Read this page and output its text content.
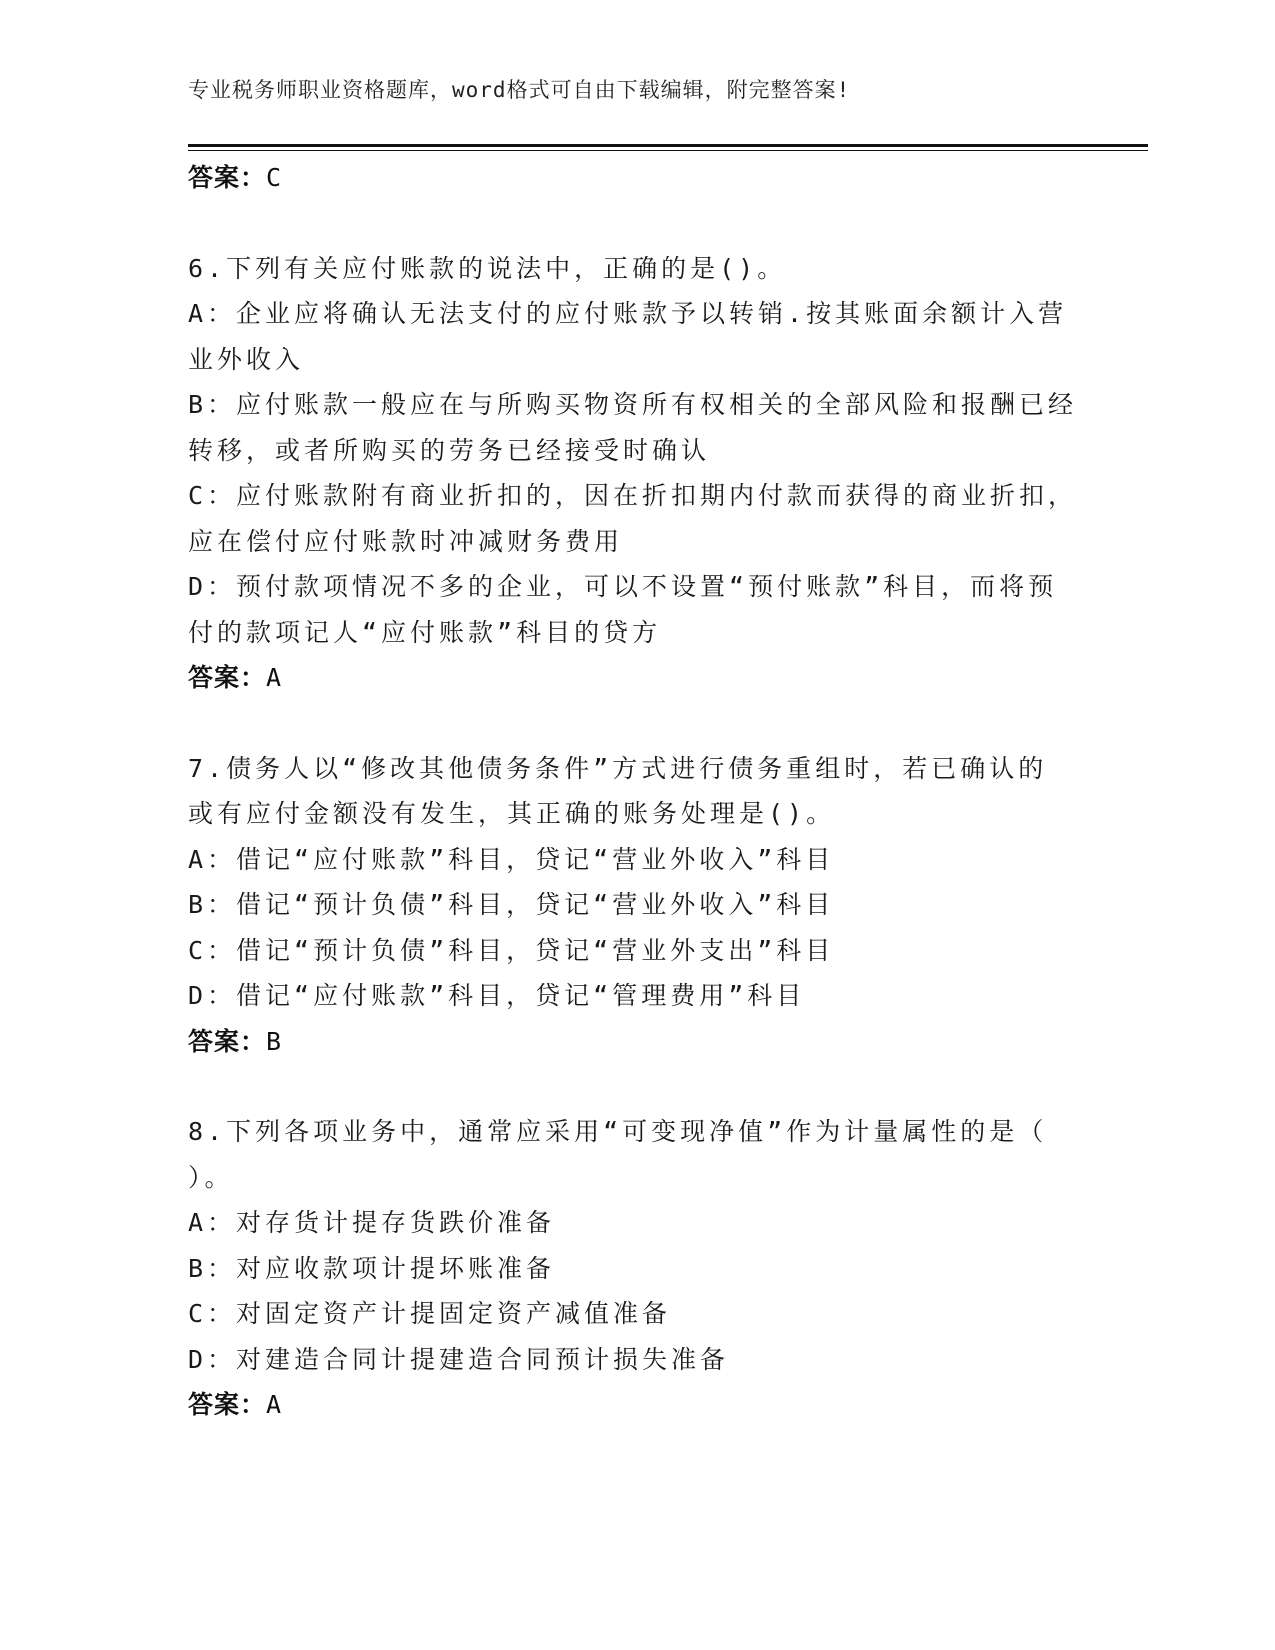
专业税务师职业资格题库，word格式可自由下载编辑，附完整答案!
答案：C
6.下列有关应付账款的说法中，正确的是()。
A：企业应将确认无法支付的应付账款予以转销.按其账面余额计入营
业外收入
B：应付账款一般应在与所购买物资所有权相关的全部风险和报酬已经
转移，或者所购买的劳务已经接受时确认
C：应付账款附有商业折扣的，因在折扣期内付款而获得的商业折扣，
应在偿付应付账款时冲减财务费用
D：预付款项情况不多的企业，可以不设置“预付账款”科目，而将预
付的款项记人“应付账款”科目的贷方
答案：A
7.债务人以“修改其他债务条件”方式进行债务重组时，若已确认的
或有应付金额没有发生，其正确的账务处理是()。
A：借记“应付账款”科目，贷记“营业外收入”科目
B：借记“预计负债”科目，贷记“营业外收入”科目
C：借记“预计负债”科目，贷记“营业外支出”科目
D：借记“应付账款”科目，贷记“管理费用”科目
答案：B
8.下列各项业务中，通常应采用“可变现净值”作为计量属性的是（
）。
A：对存货计提存货跌价准备
B：对应收款项计提坏账准备
C：对固定资产计提固定资产减值准备
D：对建造合同计提建造合同预计损失准备
答案：A
